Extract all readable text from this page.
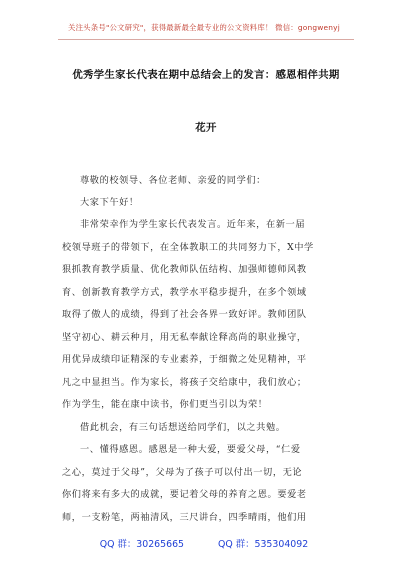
关注头条号"公文研究"，获得最新最全最专业的公文资料库！ 微信：gongwenyj
优秀学生家长代表在期中总结会上的发言：感恩相伴共期
花开
尊敬的校领导、各位老师、亲爱的同学们：
大家下午好！
非常荣幸作为学生家长代表发言。近年来，在新一届
校领导班子的带领下，在全体教职工的共同努力下，X中学
狠抓教育教学质量、优化教师队伍结构、加强师德师风教
育、创新教育教学方式，教学水平稳步提升，在多个领域
取得了傲人的成绩，得到了社会各界一致好评。教师团队
坚守初心、耕云种月，用无私奉献诠释高尚的职业操守，
用优异成绩印证精深的专业素养，于细微之处见精神，平
凡之中显担当。作为家长，将孩子交给康中，我们放心；
作为学生，能在康中读书，你们更当引以为荣！
借此机会，有三句话想送给同学们，以之共勉。
一、懂得感恩。感恩是一种大爱，要爱父母，“仁爱
之心，莫过于父母”，父母为了孩子可以付出一切，无论
你们将来有多大的成就，要记着父母的养育之恩。要爱老
师，一支粉笔，两袖清风，三尺讲台，四季晴雨，他们用
QQ 群：30265665	QQ 群：535304092
